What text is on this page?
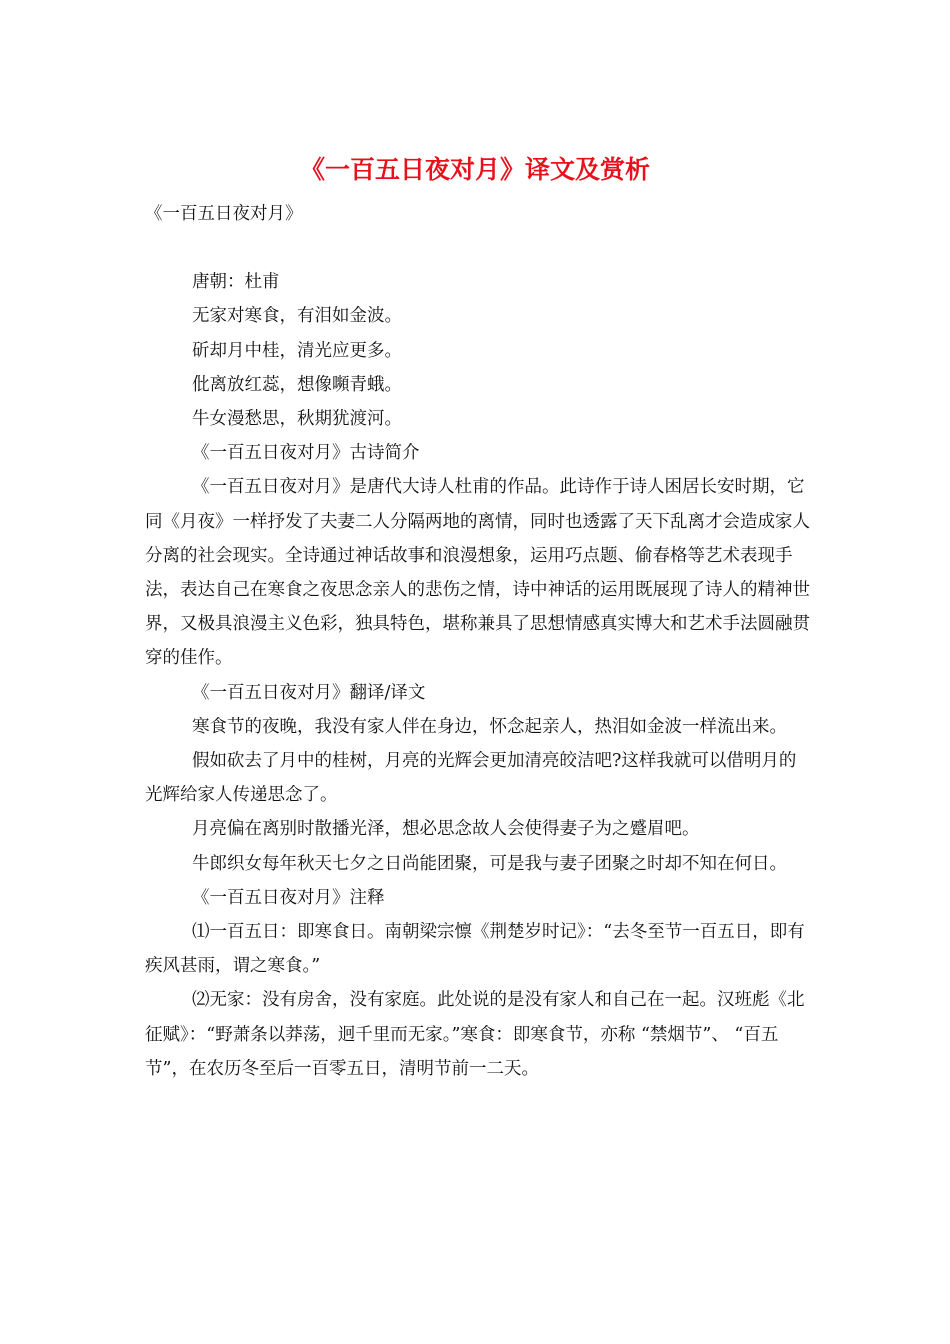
《一百五日夜对月》译文及赏析

《一百五日夜对月》

唐朝：杜甫

无家对寒食，有泪如金波。

斫却月中桂，清光应更多。

仳离放红蕊，想像嚬青蛾。

牛女漫愁思，秋期犹渡河。

《一百五日夜对月》古诗简介

《一百五日夜对月》是唐代大诗人杜甫的作品。此诗作于诗人困居长安时期，它同《月夜》一样抒发了夫妻二人分隔两地的离情，同时也透露了天下乱离才会造成家人分离的社会现实。全诗通过神话故事和浪漫想象，运用巧点题、偷春格等艺术表现手法，表达自己在寒食之夜思念亲人的悲伤之情，诗中神话的运用既展现了诗人的精神世界，又极具浪漫主义色彩，独具特色，堪称兼具了思想情感真实博大和艺术手法圆融贯穿的佳作。

《一百五日夜对月》翻译/译文

寒食节的夜晚，我没有家人伴在身边，怀念起亲人，热泪如金波一样流出来。

假如砍去了月中的桂树，月亮的光辉会更加清亮皎洁吧?这样我就可以借明月的光辉给家人传递思念了。

月亮偏在离别时散播光泽，想必思念故人会使得妻子为之蹙眉吧。

牛郎织女每年秋天七夕之日尚能团聚，可是我与妻子团聚之时却不知在何日。

《一百五日夜对月》注释

⑴一百五日：即寒食日。南朝梁宗懔《荆楚岁时记》：“去冬至节一百五日，即有疾风甚雨，谓之寒食。”

⑵无家：没有房舍，没有家庭。此处说的是没有家人和自己在一起。汉班彪《北征赋》：“野萧条以莽荡，迥千里而无家。”寒食：即寒食节，亦称 “禁烟节”、 “百五节”，在农历冬至后一百零五日，清明节前一二天。
